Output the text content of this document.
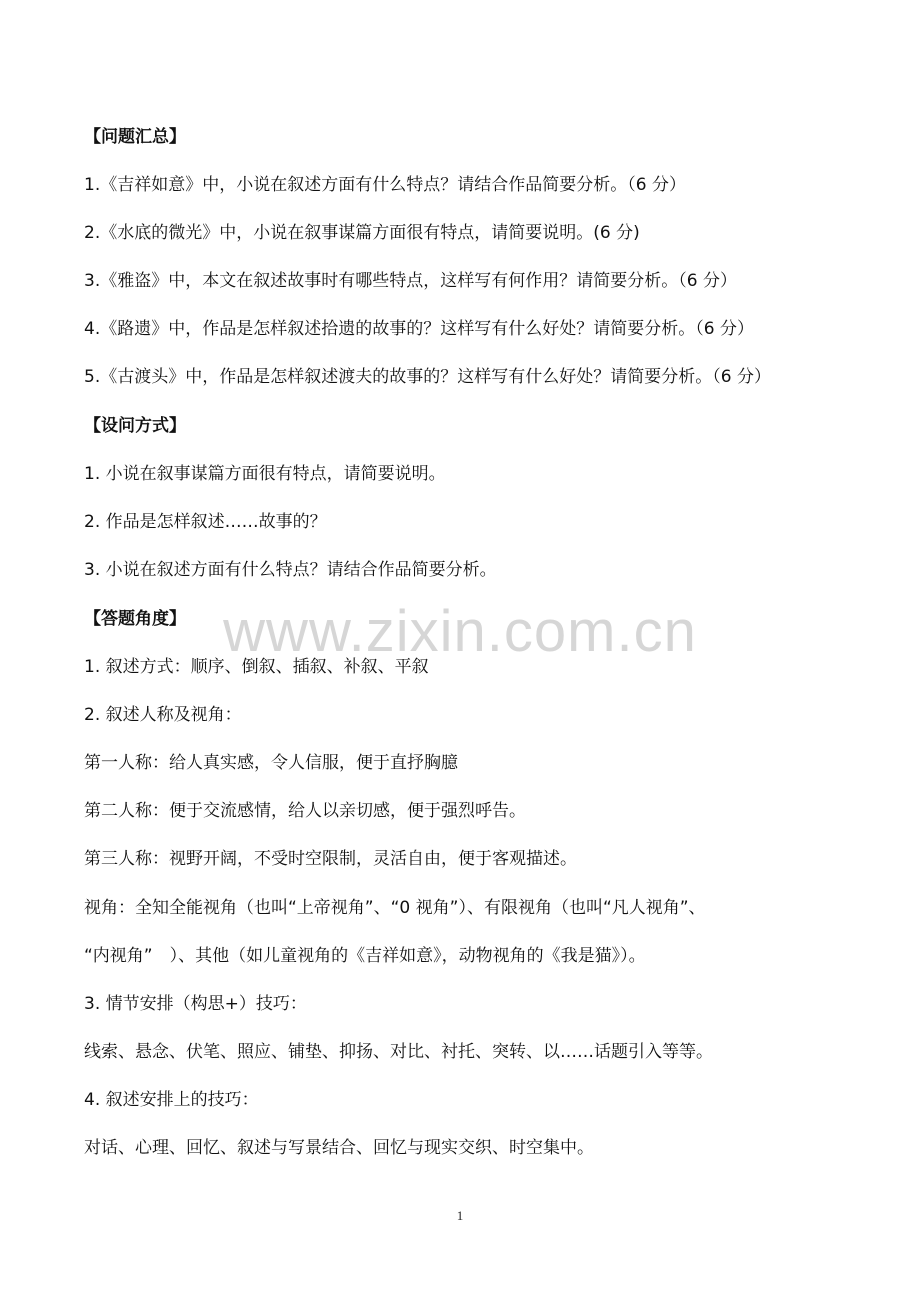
【问题汇总】
1.《吉祥如意》中，小说在叙述方面有什么特点？请结合作品简要分析。（6 分）
2.《水底的微光》中，小说在叙事谋篇方面很有特点，请简要说明。(6 分)
3.《雅盗》中，本文在叙述故事时有哪些特点，这样写有何作用？请简要分析。（6 分）
4.《路遗》中，作品是怎样叙述拾遗的故事的？这样写有什么好处？请简要分析。（6 分）
5.《古渡头》中，作品是怎样叙述渡夫的故事的？这样写有什么好处？请简要分析。（6 分）
【设问方式】
1. 小说在叙事谋篇方面很有特点，请简要说明。
2. 作品是怎样叙述……故事的？
3. 小说在叙述方面有什么特点？请结合作品简要分析。
【答题角度】
1. 叙述方式：顺序、倒叙、插叙、补叙、平叙
2. 叙述人称及视角：
第一人称：给人真实感，令人信服，便于直抒胸臆
第二人称：便于交流感情，给人以亲切感，便于强烈呼告。
第三人称：视野开阔，不受时空限制，灵活自由，便于客观描述。
视角：全知全能视角（也叫“上帝视角”、“0 视角”）、有限视角（也叫“凡人视角”、
“内视角”　）、其他（如儿童视角的《吉祥如意》，动物视角的《我是猫》）。
3. 情节安排（构思+）技巧：
线索、悬念、伏笔、照应、铺垫、抑扬、对比、衬托、突转、以……话题引入等等。
4. 叙述安排上的技巧：
对话、心理、回忆、叙述与写景结合、回忆与现实交织、时空集中。
www.zixin.com.cn
1
